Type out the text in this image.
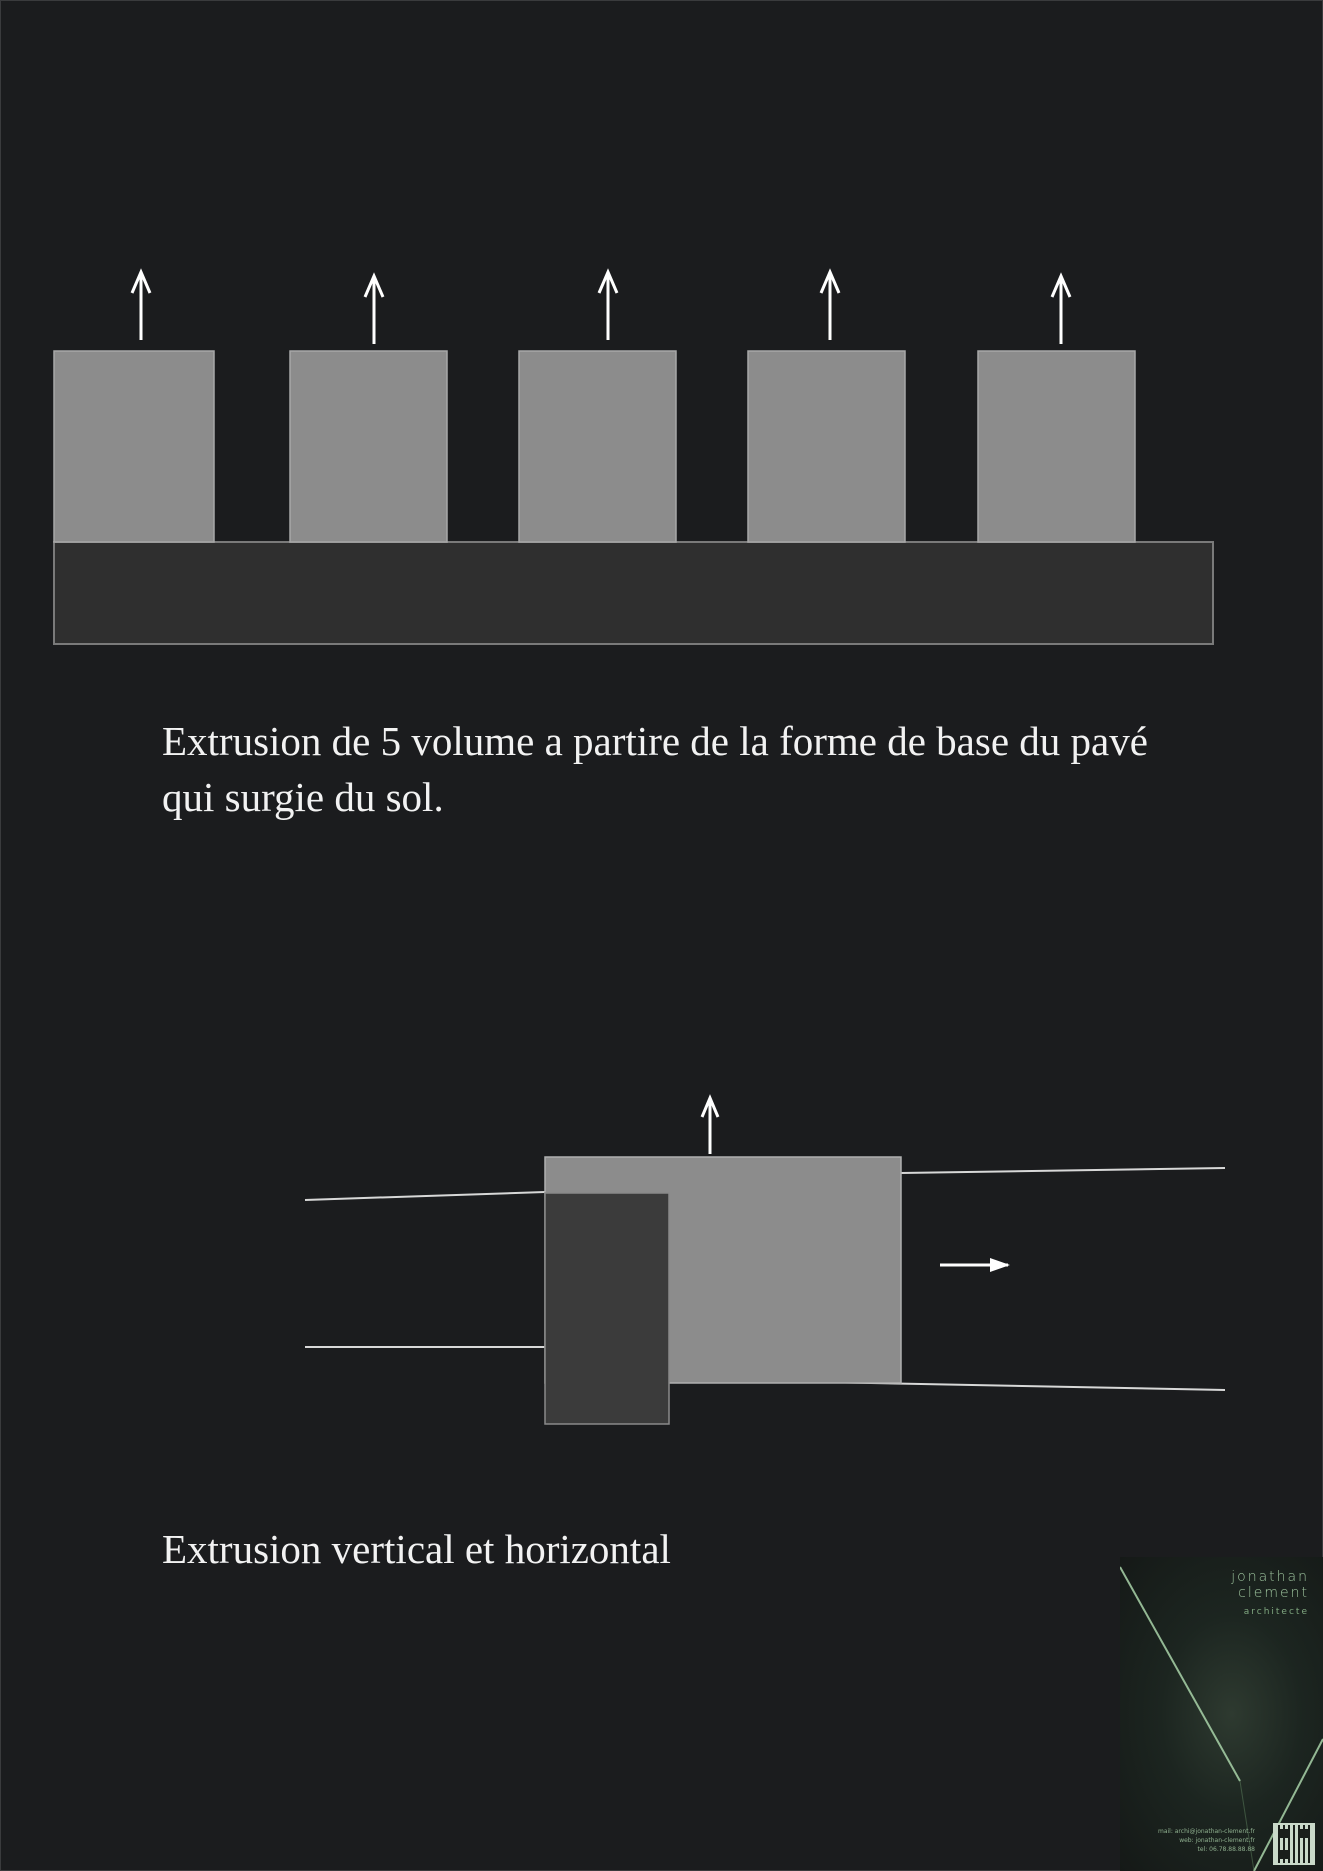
Extrusion de 5 volume a partire de la forme de base du pavé qui surgie du sol.

Extrusion vertical et horizontal

jonathan
clement
architecte
mail: archi@jonathan-clement.fr
web: jonathan-clement.fr
tel: 06.78.88.88.88
